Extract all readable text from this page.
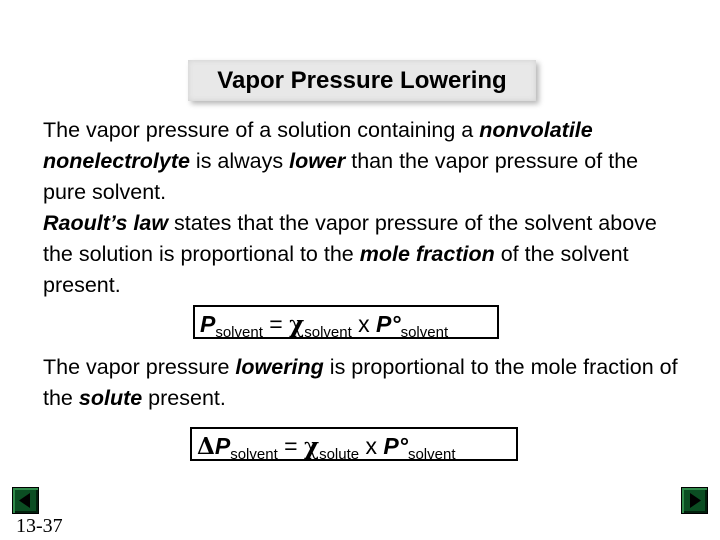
Vapor Pressure Lowering
The vapor pressure of a solution containing a nonvolatile nonelectrolyte is always lower than the vapor pressure of the pure solvent.
Raoult’s law states that the vapor pressure of the solvent above the solution is proportional to the mole fraction of the solvent present.
$P_{solvent} = \chi_{solvent}$ x $P^\circ_{solvent}$
The vapor pressure lowering is proportional to the mole fraction of the solute present.
$\Delta P_{solvent} = \chi_{solute}$ x $P^\circ_{solvent}$
13-37
